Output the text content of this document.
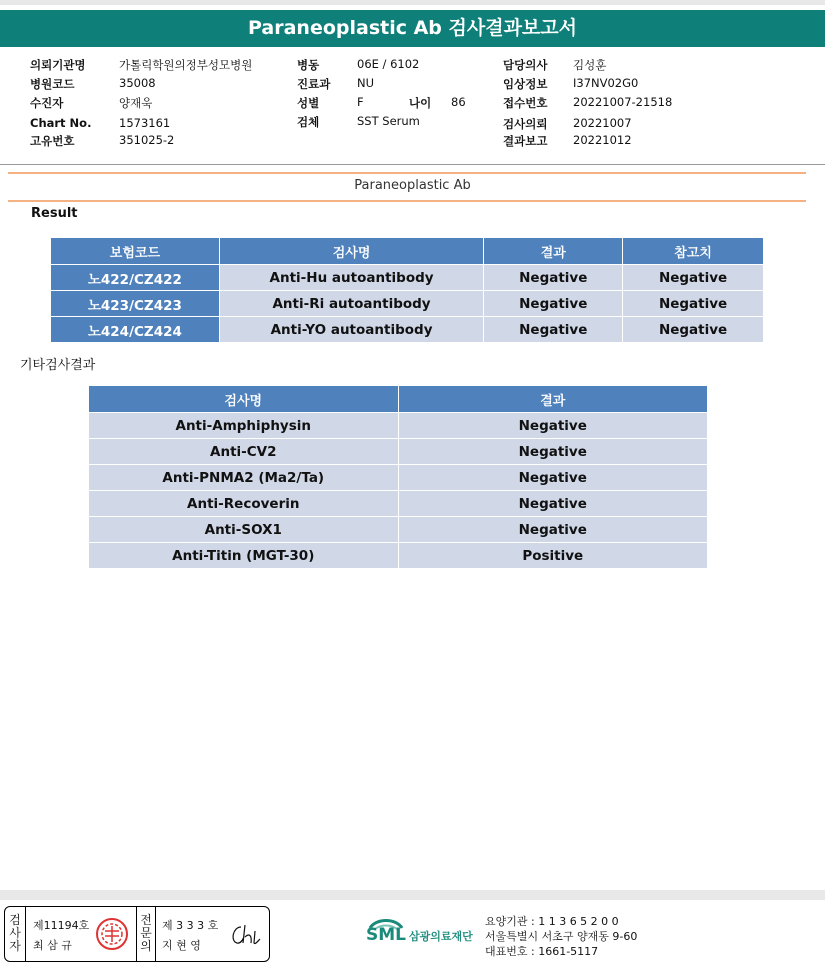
Paraneoplastic Ab 검사결과보고서
의뢰기관명	가톨릭학원의정부성모병원
병원코드	35008
수진자	양재욱
Chart No. 1573161
고유번호	351025-2
병동	06E / 6102
진료과 NU
성별	F	나이 86
검체	SST Serum
담당의사 김성훈
임상정보 I37NV02G0
접수번호 20221007-21518
검사의뢰 20221007
결과보고 20221012
Paraneoplastic Ab
Result
보험코드	검사명	결과	참고치
노422/CZ422	Anti-Hu autoantibody	Negative	Negative
노423/CZ423	Anti-Ri autoantibody	Negative	Negative
노424/CZ424	Anti-YO autoantibody	Negative	Negative
기타검사결과
검사명	결과
Anti-Amphiphysin	Negative
Anti-CV2	Negative
Anti-PNMA2 (Ma2/Ta)	Negative
Anti-Recoverin	Negative
Anti-SOX1	Negative
Anti-Titin (MGT-30)	Positive
검
사
자
제11194호
최 삼 규
전
문
의
제 3 3 3 호
지 현 영
SML 삼광의료재단
요양기관 : 1 1 3 6 5 2 0 0
서울특별시 서초구 양재동 9-60
대표번호 : 1661-5117
